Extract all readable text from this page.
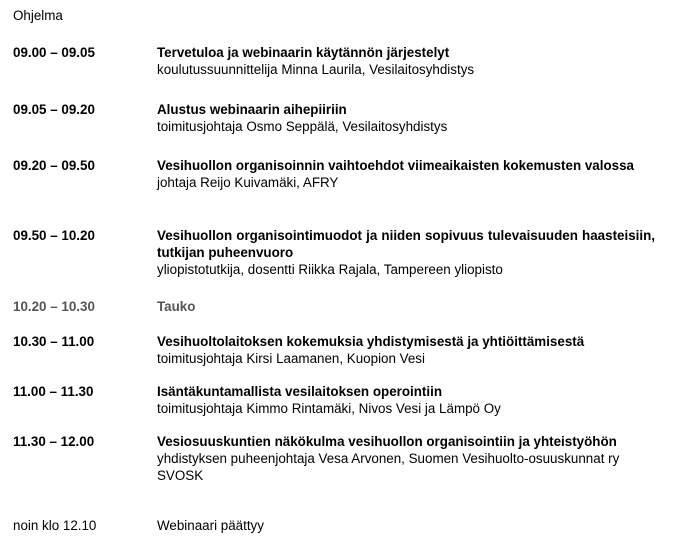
Ohjelma
09.00 – 09.05	Tervetuloa ja webinaarin käytännön järjestelyt
koulutussuunnittelija Minna Laurila, Vesilaitosyhdistys
09.05 – 09.20	Alustus webinaarin aihepiiriin
toimitusjohtaja Osmo Seppälä, Vesilaitosyhdistys
09.20 – 09.50	Vesihuollon organisoinnin vaihtoehdot viimeaikaisten kokemusten valossa
johtaja Reijo Kuivamäki, AFRY
09.50 – 10.20	Vesihuollon organisointimuodot ja niiden sopivuus tulevaisuuden haasteisiin, tutkijan puheenvuoro
yliopistotutkija, dosentti Riikka Rajala, Tampereen yliopisto
10.20 – 10.30	Tauko
10.30 – 11.00	Vesihuoltolaitoksen kokemuksia yhdistymisestä ja yhtiöittämisestä
toimitusjohtaja Kirsi Laamanen, Kuopion Vesi
11.00 – 11.30	Isäntäkuntamallista vesilaitoksen operointiin
toimitusjohtaja Kimmo Rintamäki, Nivos Vesi ja Lämpö Oy
11.30 – 12.00	Vesiosuuskuntien näkökulma vesihuollon organisointiin ja yhteistyöhön
yhdistyksen puheenjohtaja Vesa Arvonen, Suomen Vesihuolto-osuuskunnat ry SVOSK
noin klo 12.10	Webinaari päättyy
